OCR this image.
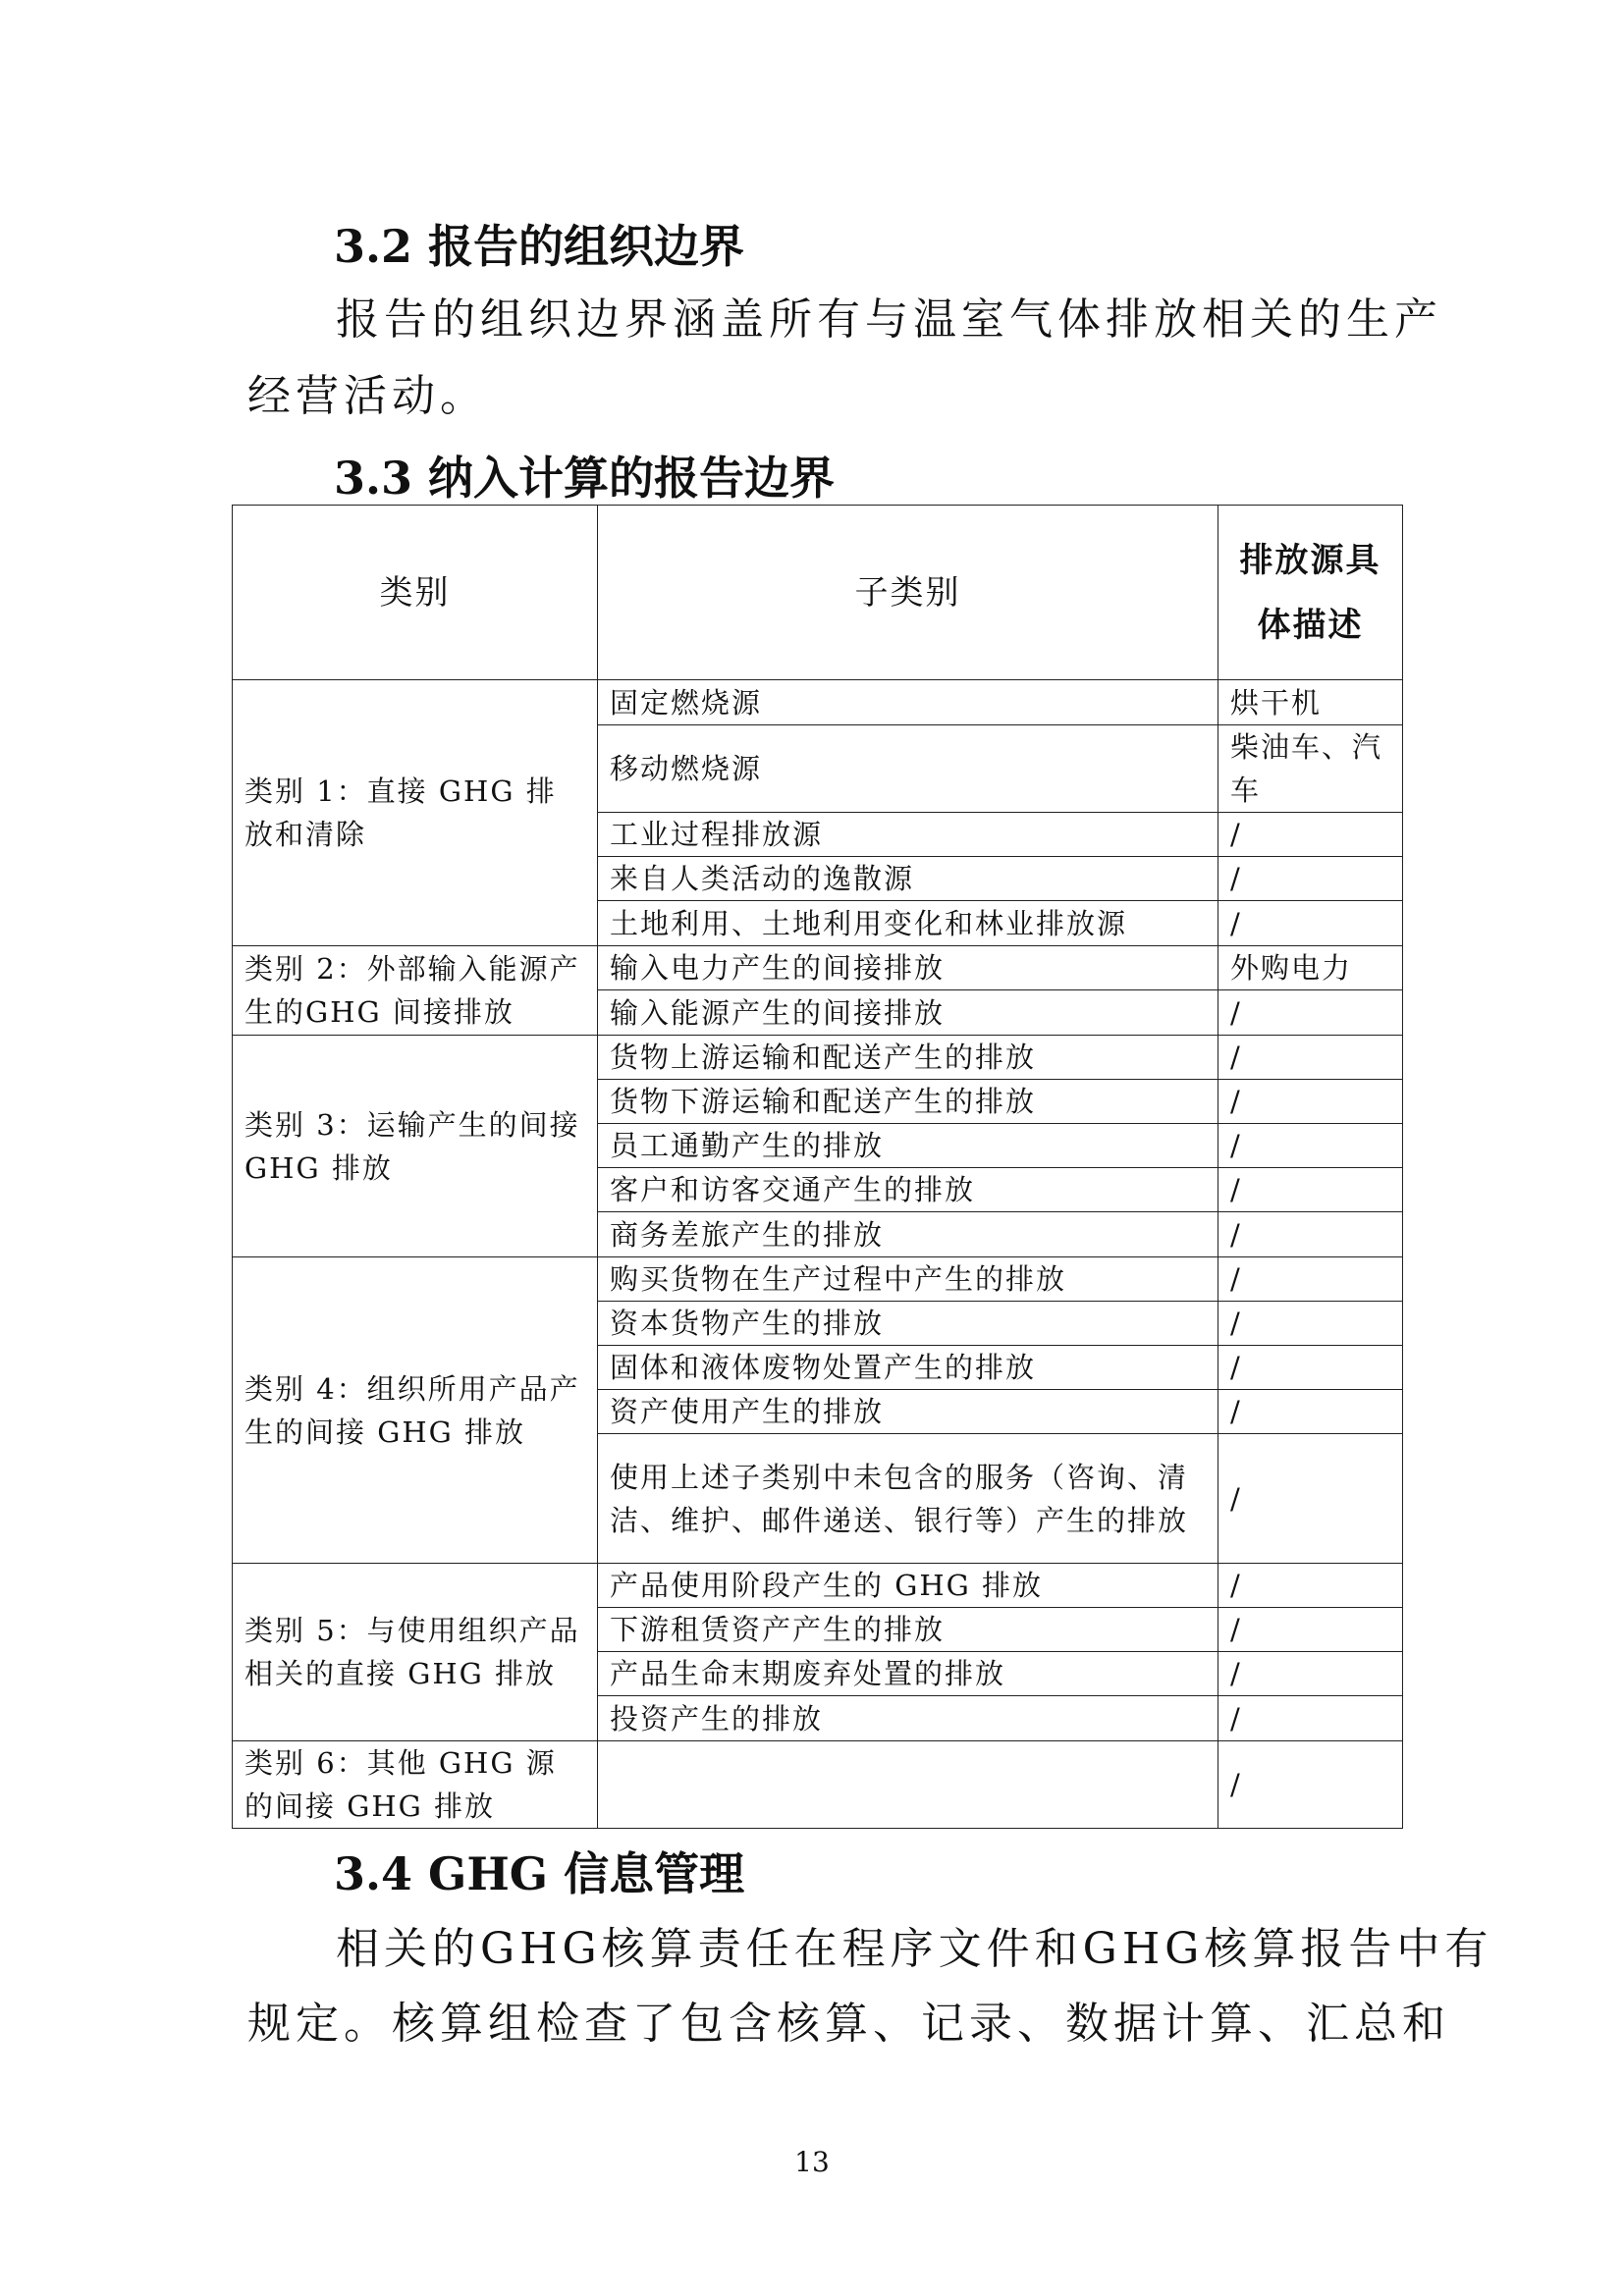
3.2 报告的组织边界
报告的组织边界涵盖所有与温室气体排放相关的生产
经营活动。
3.3 纳入计算的报告边界
类别	子类别	排放源具体描述
类别 1：直接 GHG 排放和清除	固定燃烧源	烘干机
	移动燃烧源	柴油车、汽车
	工业过程排放源	/
	来自人类活动的逸散源	/
	土地利用、土地利用变化和林业排放源	/
类别 2：外部输入能源产生的GHG 间接排放	输入电力产生的间接排放	外购电力
	输入能源产生的间接排放	/
类别 3：运输产生的间接 GHG 排放	货物上游运输和配送产生的排放	/
	货物下游运输和配送产生的排放	/
	员工通勤产生的排放	/
	客户和访客交通产生的排放	/
	商务差旅产生的排放	/
类别 4：组织所用产品产生的间接 GHG 排放	购买货物在生产过程中产生的排放	/
	资本货物产生的排放	/
	固体和液体废物处置产生的排放	/
	资产使用产生的排放	/
	使用上述子类别中未包含的服务（咨询、清洁、维护、邮件递送、银行等）产生的排放	/
类别 5：与使用组织产品相关的直接 GHG 排放	产品使用阶段产生的 GHG 排放	/
	下游租赁资产产生的排放	/
	产品生命末期废弃处置的排放	/
	投资产生的排放	/
类别 6：其他 GHG 源的间接 GHG 排放		/
3.4 GHG 信息管理
相关的GHG核算责任在程序文件和GHG核算报告中有
规定。核算组检查了包含核算、记录、数据计算、汇总和
13
